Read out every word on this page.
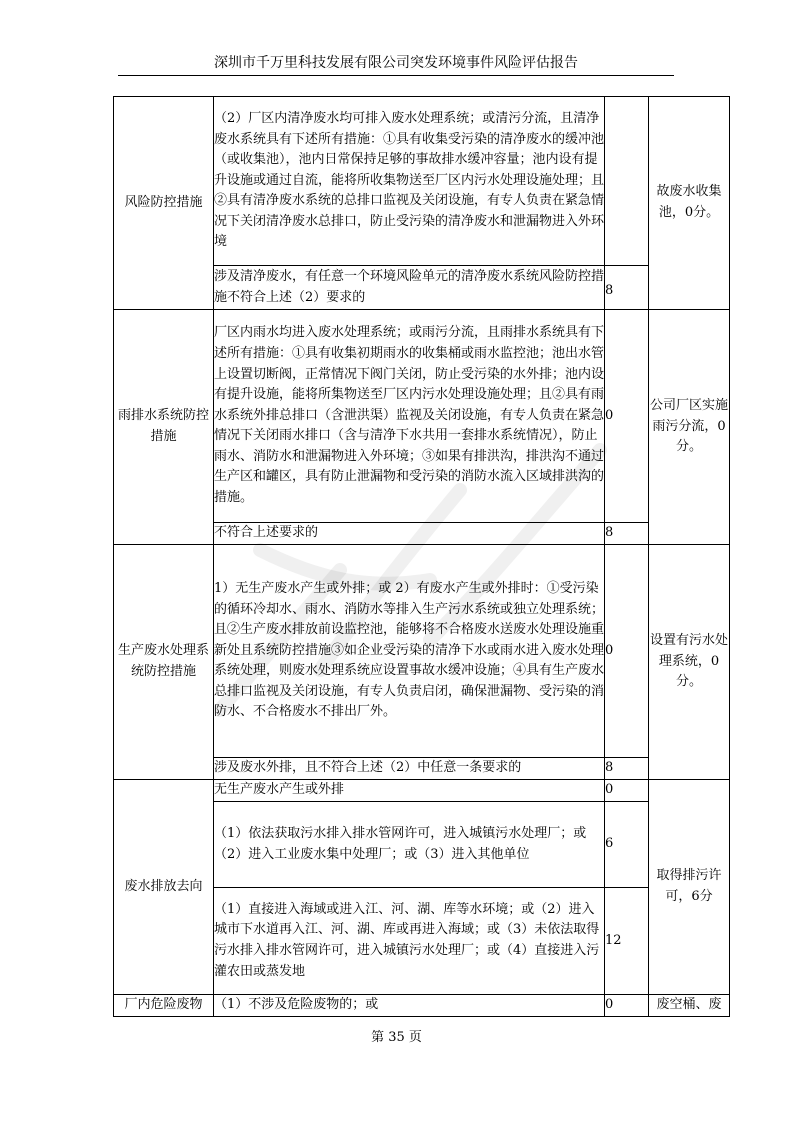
深圳市千万里科技发展有限公司突发环境事件风险评估报告
风险防控措施	（2）厂区内清净废水均可排入废水处理系统；或清污分流，且清净废水系统具有下述所有措施：①具有收集受污染的清净废水的缓冲池（或收集池），池内日常保持足够的事故排水缓冲容量；池内设有提升设施或通过自流，能将所收集物送至厂区内污水处理设施处理；且②具有清净废水系统的总排口监视及关闭设施，有专人负责在紧急情况下关闭清净废水总排口，防止受污染的清净废水和泄漏物进入外环境		故废水收集池，0分。
	涉及清净废水，有任意一个环境风险单元的清净废水系统风险防控措施不符合上述（2）要求的	8	
雨排水系统防控措施	厂区内雨水均进入废水处理系统；或雨污分流，且雨排水系统具有下述所有措施：①具有收集初期雨水的收集桶或雨水监控池；池出水管上设置切断阀，正常情况下阀门关闭，防止受污染的水外排；池内设有提升设施，能将所集物送至厂区内污水处理设施处理；且②具有雨水系统外排总排口（含泄洪渠）监视及关闭设施，有专人负责在紧急情况下关闭雨水排口（含与清净下水共用一套排水系统情况），防止雨水、消防水和泄漏物进入外环境；③如果有排洪沟，排洪沟不通过生产区和罐区，具有防止泄漏物和受污染的消防水流入区域排洪沟的措施。	0	公司厂区实施雨污分流，0分。
	不符合上述要求的	8	
生产废水处理系统防控措施	1）无生产废水产生或外排；或 2）有废水产生或外排时：①受污染的循环冷却水、雨水、消防水等排入生产污水系统或独立处理系统；且②生产废水排放前设监控池，能够将不合格废水送废水处理设施重新处且系统防控措施③如企业受污染的清净下水或雨水进入废水处理系统处理，则废水处理系统应设置事故水缓冲设施；④具有生产废水总排口监视及关闭设施，有专人负责启闭，确保泄漏物、受污染的消防水、不合格废水不排出厂外。	0	设置有污水处理系统，0分。
	涉及废水外排，且不符合上述（2）中任意一条要求的	8	
废水排放去向	无生产废水产生或外排	0	取得排污许可，6分
	（1）依法获取污水排入排水管网许可，进入城镇污水处理厂；或（2）进入工业废水集中处理厂；或（3）进入其他单位	6	
	（1）直接进入海域或进入江、河、湖、库等水环境；或（2）进入城市下水道再入江、河、湖、库或再进入海域；或（3）未依法取得污水排入排水管网许可，进入城镇污水处理厂；或（4）直接进入污灌农田或蒸发地	12	
厂内危险废物	（1）不涉及危险废物的；或	0	废空桶、废
第 35 页
